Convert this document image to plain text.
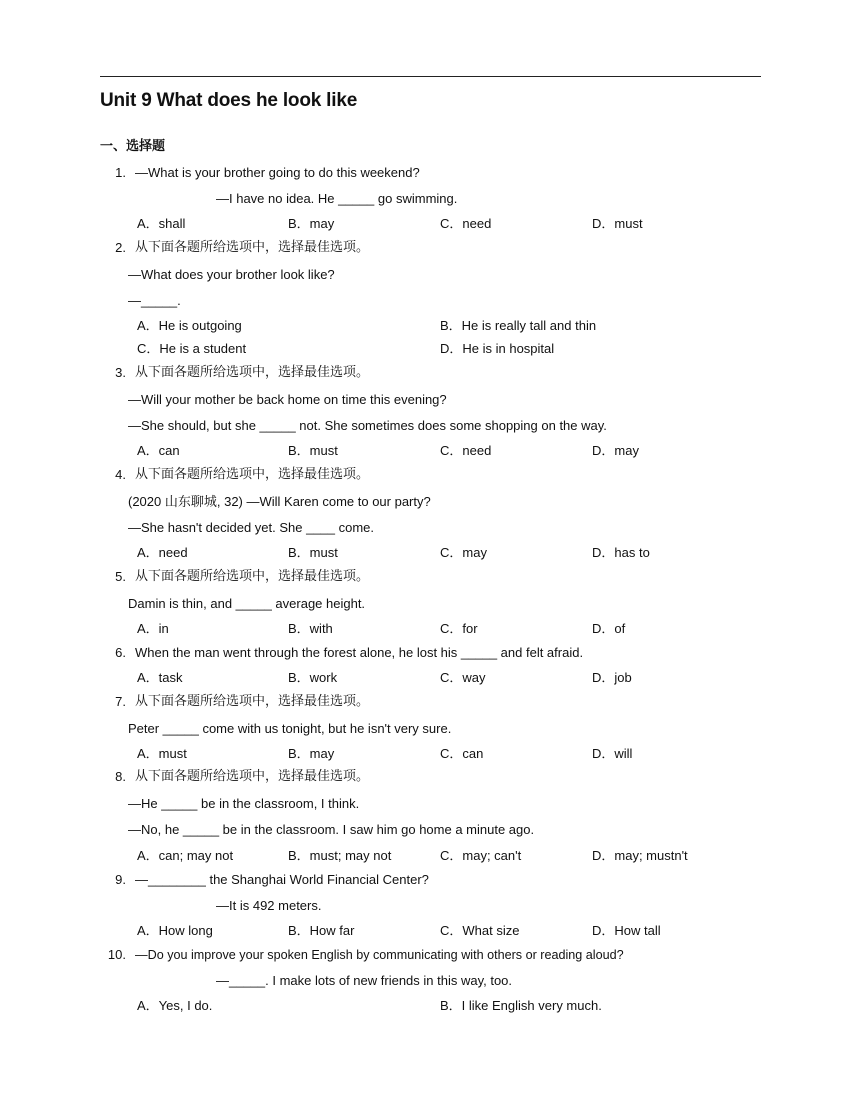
Unit 9 What does he look like
一、选择题
1. —What is your brother going to do this weekend?
—I have no idea. He _____ go swimming.
A．shall	B．may	C．need	D．must
2. 从下面各题所给选项中，选择最佳选项。
—What does your brother look like?
—_____.
A．He is outgoing	B．He is really tall and thin
C．He is a student	D．He is in hospital
3. 从下面各题所给选项中，选择最佳选项。
—Will your mother be back home on time this evening?
—She should, but she _____ not. She sometimes does some shopping on the way.
A．can	B．must	C．need	D．may
4. 从下面各题所给选项中，选择最佳选项。
(2020 山东聊城, 32) —Will Karen come to our party?
—She hasn't decided yet. She ____ come.
A．need	B．must	C．may	D．has to
5. 从下面各题所给选项中，选择最佳选项。
Damin is thin, and _____ average height.
A．in	B．with	C．for	D．of
6. When the man went through the forest alone, he lost his _____ and felt afraid.
A．task	B．work	C．way	D．job
7. 从下面各题所给选项中，选择最佳选项。
Peter _____ come with us tonight, but he isn't very sure.
A．must	B．may	C．can	D．will
8. 从下面各题所给选项中，选择最佳选项。
—He _____ be in the classroom, I think.
—No, he _____ be in the classroom. I saw him go home a minute ago.
A．can; may not	B．must; may not	C．may; can't	D．may; mustn't
9. —________ the Shanghai World Financial Center?
—It is 492 meters.
A．How long	B．How far	C．What size	D．How tall
10. —Do you improve your spoken English by communicating with others or reading aloud?
—_____. I make lots of new friends in this way, too.
A．Yes, I do.	B．I like English very much.
